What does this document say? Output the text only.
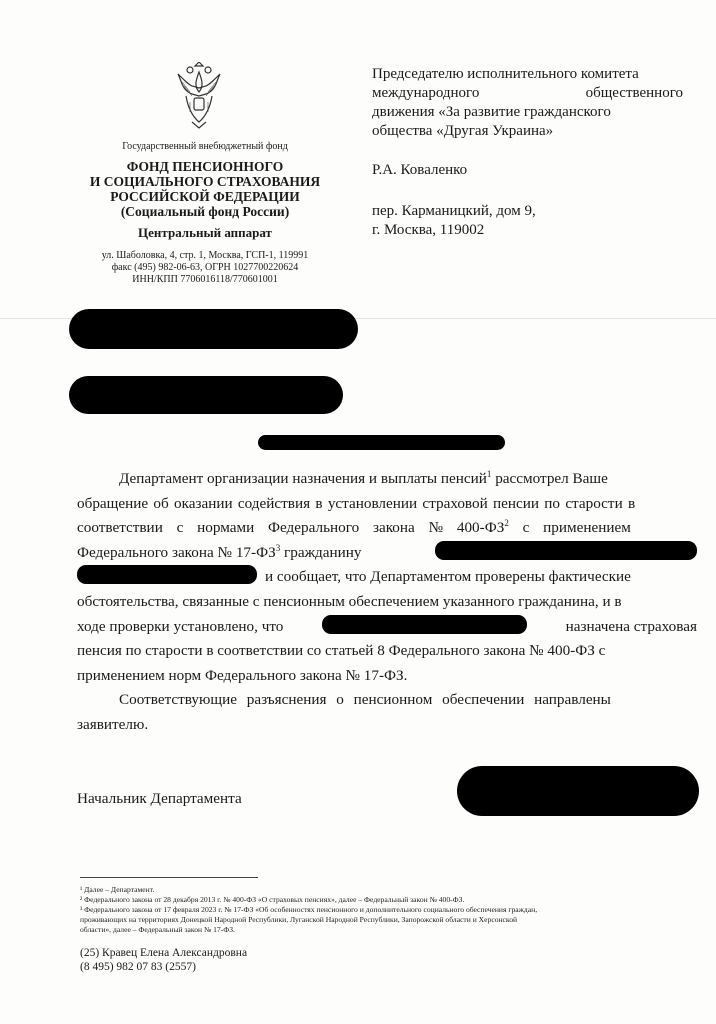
Государственный внебюджетный фонд
ФОНД ПЕНСИОННОГО
И СОЦИАЛЬНОГО СТРАХОВАНИЯ
РОССИЙСКОЙ ФЕДЕРАЦИИ
(Социальный фонд России)
Центральный аппарат
ул. Шаболовка, 4, стр. 1, Москва, ГСП-1, 119991
факс (495) 982-06-63, ОГРН 1027700220624
ИНН/КПП 7706016118/770601001
Председателю исполнительного комитета
международного	общественного
движения «За развитие гражданского
общества «Другая Украина»
Р.А. Коваленко
пер. Карманицкий, дом 9,
г. Москва, 119002
Департамент организации назначения и выплаты пенсий$^1$ рассмотрел Ваше
обращение об оказании содействия в установлении страховой пенсии по старости в
соответствии с нормами Федерального закона № $400-ФЗ^2$ с применением
Федерального закона № $17-ФЗ^3$ гражданину
и сообщает, что Департаментом проверены фактические
обстоятельства, связанные с пенсионным обеспечением указанного гражданина, и в
ходе проверки установлено, что	назначена страховая
пенсия по старости в соответствии со статьей 8 Федерального закона № 400-ФЗ с
применением норм Федерального закона № 17-ФЗ.
Соответствующие разъяснения о пенсионном обеспечении направлены
заявителю.
Начальник Департамента
¹ Далее – Департамент.
² Федерального закона от 28 декабря 2013 г. № 400-ФЗ «О страховых пенсиях», далее – Федеральный закон № 400-ФЗ.
³ Федерального закона от 17 февраля 2023 г. № 17-ФЗ «Об особенностях пенсионного и дополнительного социального обеспечения граждан,
проживающих на территориях Донецкой Народной Республики, Луганской Народной Республики, Запорожской области и Херсонской
области», далее – Федеральный закон № 17-ФЗ.
(25) Кравец Елена Александровна
(8 495) 982 07 83 (2557)
